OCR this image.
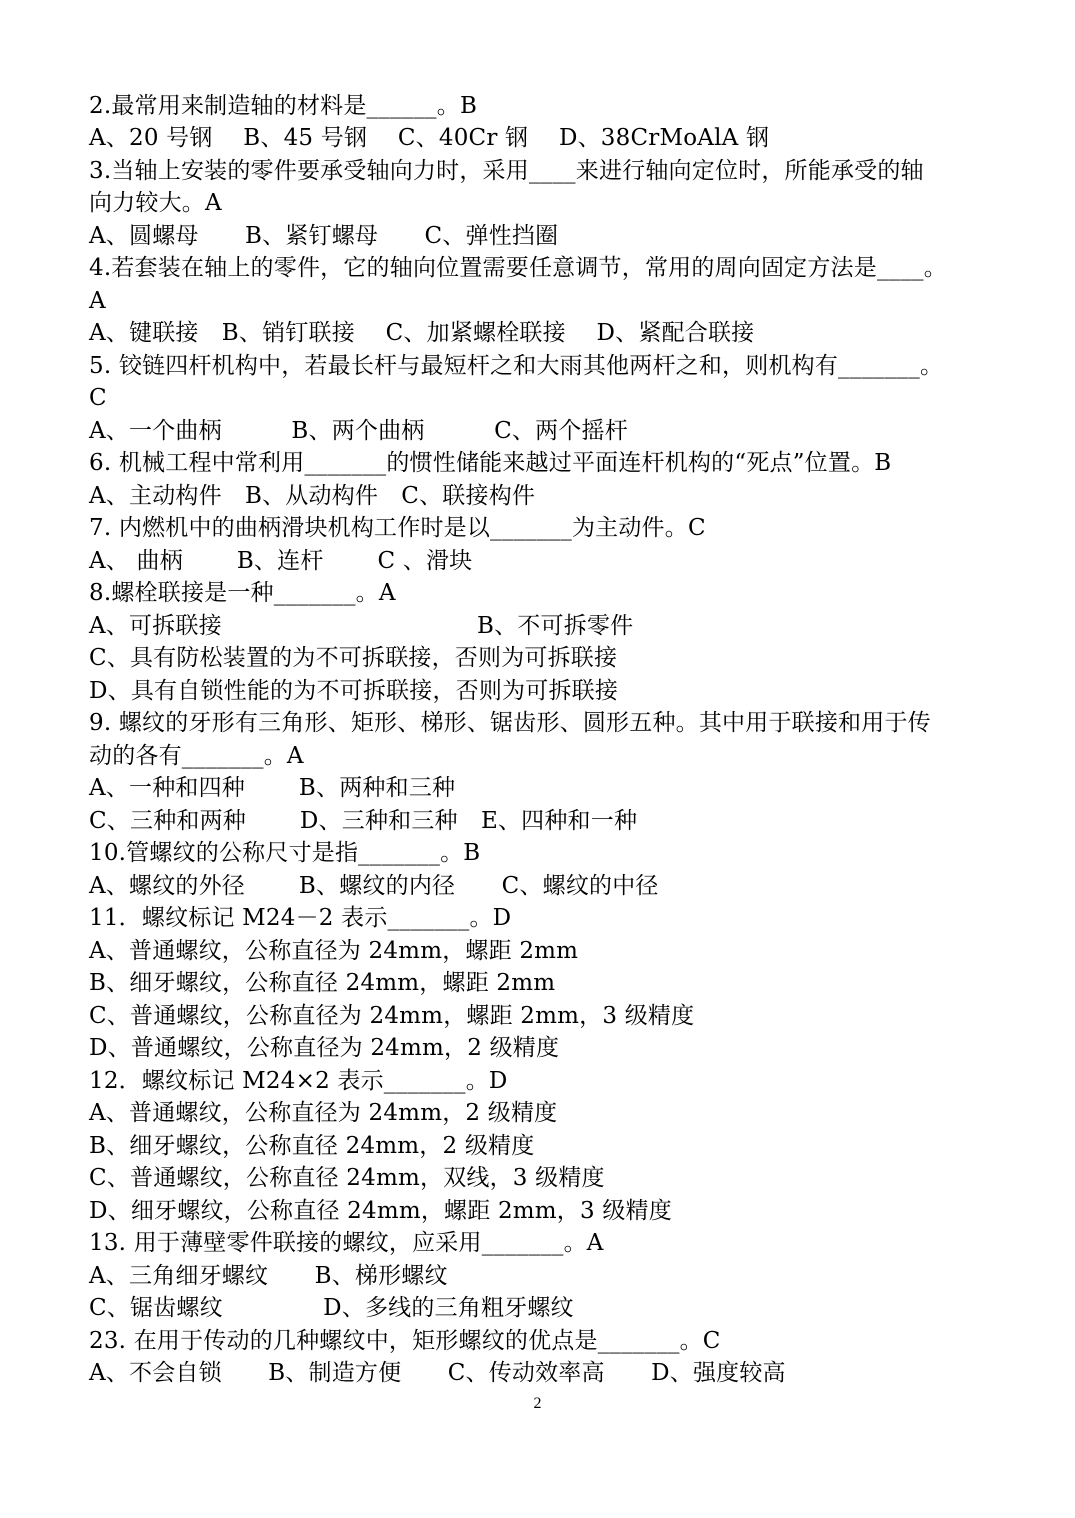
2.最常用来制造轴的材料是______。B
A、20 号钢　 B、45 号钢　 C、40Cr 钢　 D、38CrMoAlA 钢
3.当轴上安装的零件要承受轴向力时，采用____来进行轴向定位时，所能承受的轴
向力较大。A
A、圆螺母　　B、紧钉螺母　　C、弹性挡圈
4.若套装在轴上的零件，它的轴向位置需要任意调节，常用的周向固定方法是____。
A
A、键联接　B、销钉联接　 C、加紧螺栓联接　 D、紧配合联接
5. 铰链四杆机构中，若最长杆与最短杆之和大雨其他两杆之和，则机构有_______。
C
A、一个曲柄　　　B、两个曲柄　　　C、两个摇杆
6. 机械工程中常利用_______的惯性储能来越过平面连杆机构的“死点”位置。B
A、主动构件　B、从动构件　C、联接构件
7. 内燃机中的曲柄滑块机构工作时是以_______为主动件。C
A、 曲柄　　 B、连杆　　 C 、滑块
8.螺栓联接是一种_______。A
A、可拆联接　　　　　　　　　　　B、不可拆零件
C、具有防松装置的为不可拆联接，否则为可拆联接
D、具有自锁性能的为不可拆联接，否则为可拆联接
9. 螺纹的牙形有三角形、矩形、梯形、锯齿形、圆形五种。其中用于联接和用于传
动的各有_______。A
A、一种和四种　　 B、两种和三种
C、三种和两种　　 D、三种和三种　E、四种和一种
10.管螺纹的公称尺寸是指_______。B
A、螺纹的外径　　 B、螺纹的内径　　C、螺纹的中径
11．螺纹标记 M24－2 表示_______。D
A、普通螺纹，公称直径为 24mm，螺距 2mm
B、细牙螺纹，公称直径 24mm，螺距 2mm
C、普通螺纹，公称直径为 24mm，螺距 2mm，3 级精度
D、普通螺纹，公称直径为 24mm，2 级精度
12．螺纹标记 M24×2 表示_______。D
A、普通螺纹，公称直径为 24mm，2 级精度
B、细牙螺纹，公称直径 24mm，2 级精度
C、普通螺纹，公称直径 24mm，双线，3 级精度
D、细牙螺纹，公称直径 24mm，螺距 2mm，3 级精度
13. 用于薄壁零件联接的螺纹，应采用_______。A
A、三角细牙螺纹　　B、梯形螺纹
C、锯齿螺纹　　　　 D、多线的三角粗牙螺纹
23. 在用于传动的几种螺纹中，矩形螺纹的优点是_______。C
A、不会自锁　　B、制造方便　　C、传动效率高　　D、强度较高
2
